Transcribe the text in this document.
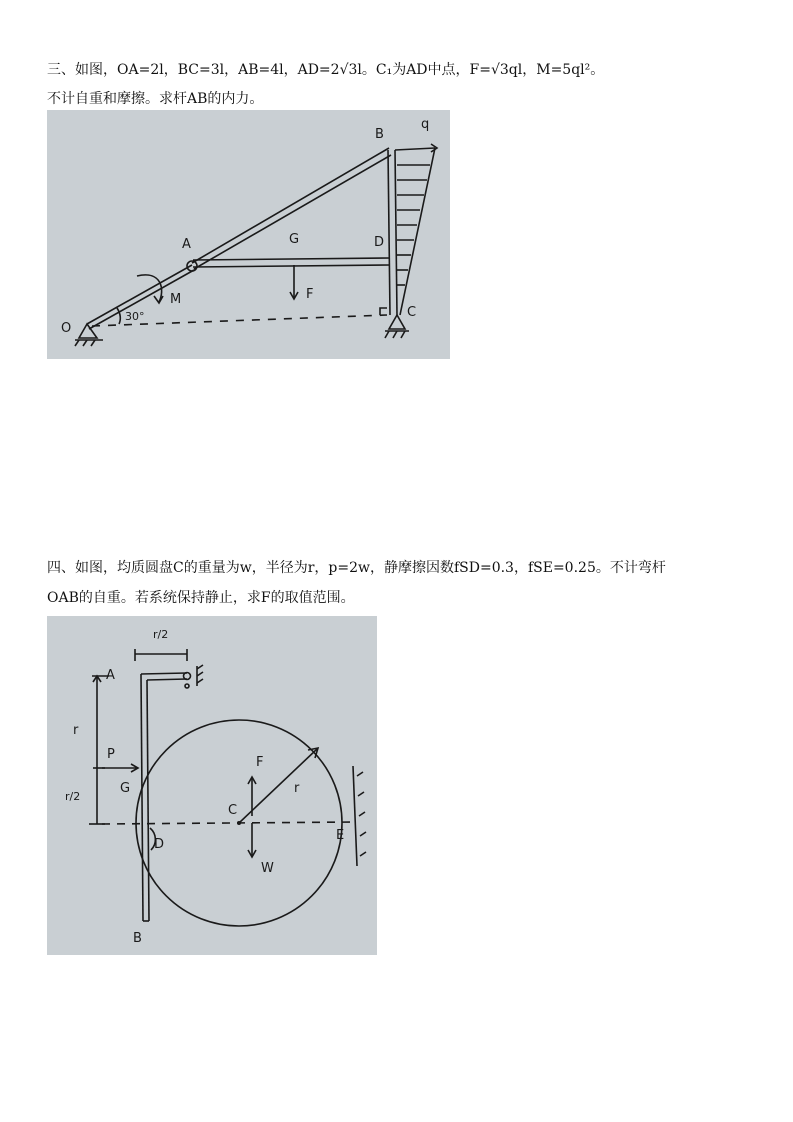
三、如图，OA=2l，BC=3l，AB=4l，AD=2√3l。C₁为AD中点，F=√3ql，M=5ql²。
不计自重和摩擦。求杆AB的内力。
B
q
A	G	D
F
M
O
30°	C
四、如图，均质圆盘C的重量为w，半径为r，p=2w，静摩擦因数fSD=0.3，fSE=0.25。不计弯杆
OAB的自重。若系统保持静止，求F的取值范围。
r/2
A
r
P
G
r/2
F
r
C
D
W
E
B
